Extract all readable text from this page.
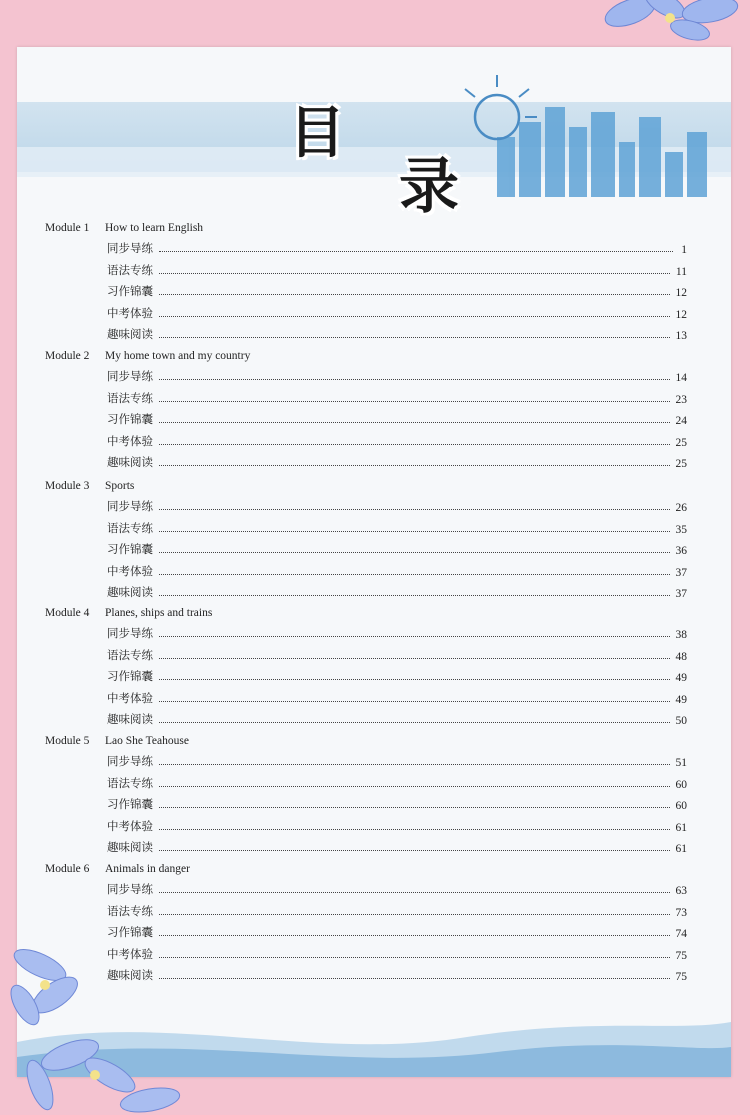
目
录
Module 1 How to learn English
同步导练	1
语法专练	11
习作锦囊	12
中考体验	12
趣味阅读	13
Module 2 My home town and my country
同步导练	14
语法专练	23
习作锦囊	24
中考体验	25
趣味阅读	25
Module 3 Sports
同步导练	26
语法专练	35
习作锦囊	36
中考体验	37
趣味阅读	37
Module 4 Planes, ships and trains
同步导练	38
语法专练	48
习作锦囊	49
中考体验	49
趣味阅读	50
Module 5 Lao She Teahouse
同步导练	51
语法专练	60
习作锦囊	60
中考体验	61
趣味阅读	61
Module 6 Animals in danger
同步导练	63
语法专练	73
习作锦囊	74
中考体验	75
趣味阅读	75
